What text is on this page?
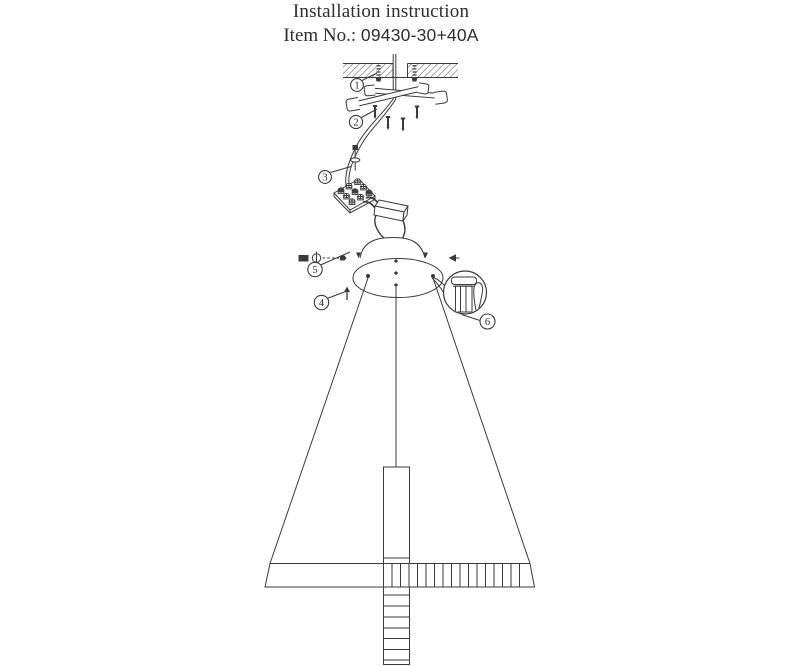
Installation instruction
Item No.: 09430-30+40A
1
2
3
4
5
6
